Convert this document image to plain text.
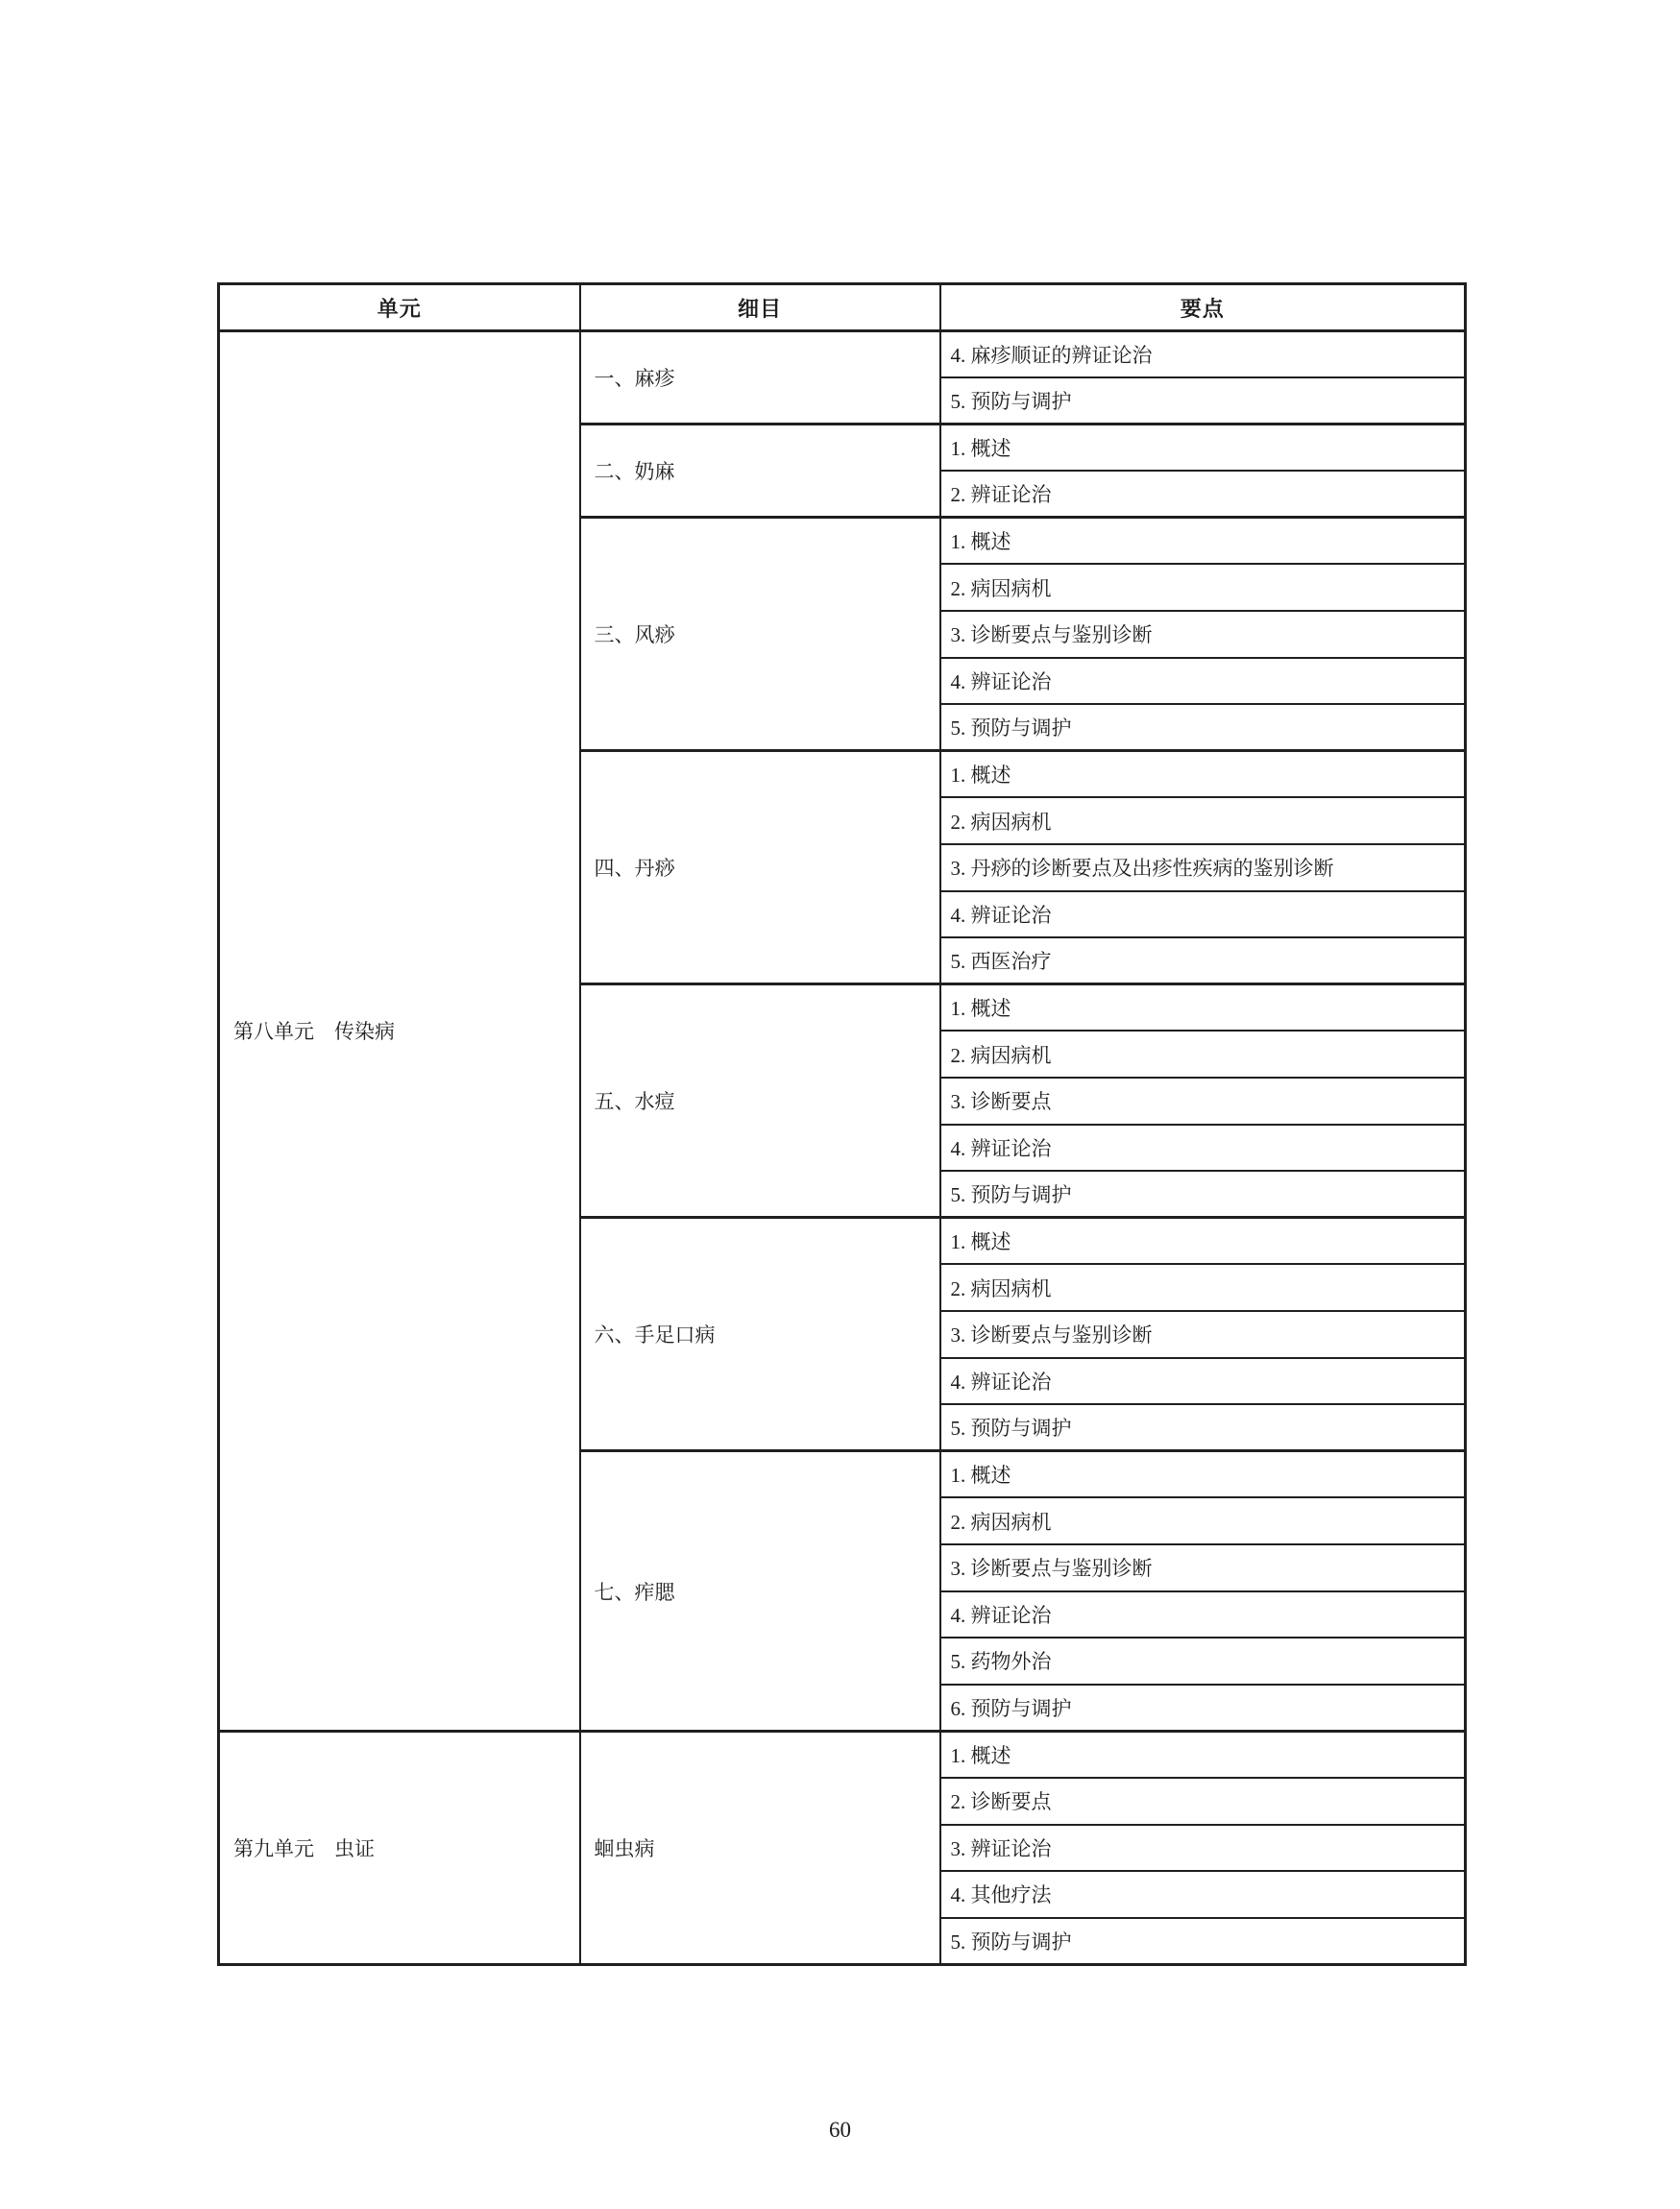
单元	细目	要点
第八单元　传染病	一、麻疹	4. 麻疹顺证的辨证论治
		5. 预防与调护
	二、奶麻	1. 概述
		2. 辨证论治
	三、风痧	1. 概述
		2. 病因病机
		3. 诊断要点与鉴别诊断
		4. 辨证论治
		5. 预防与调护
	四、丹痧	1. 概述
		2. 病因病机
		3. 丹痧的诊断要点及出疹性疾病的鉴别诊断
		4. 辨证论治
		5. 西医治疗
	五、水痘	1. 概述
		2. 病因病机
		3. 诊断要点
		4. 辨证论治
		5. 预防与调护
	六、手足口病	1. 概述
		2. 病因病机
		3. 诊断要点与鉴别诊断
		4. 辨证论治
		5. 预防与调护
	七、痄腮	1. 概述
		2. 病因病机
		3. 诊断要点与鉴别诊断
		4. 辨证论治
		5. 药物外治
		6. 预防与调护
第九单元　虫证	蛔虫病	1. 概述
		2. 诊断要点
		3. 辨证论治
		4. 其他疗法
		5. 预防与调护
60
